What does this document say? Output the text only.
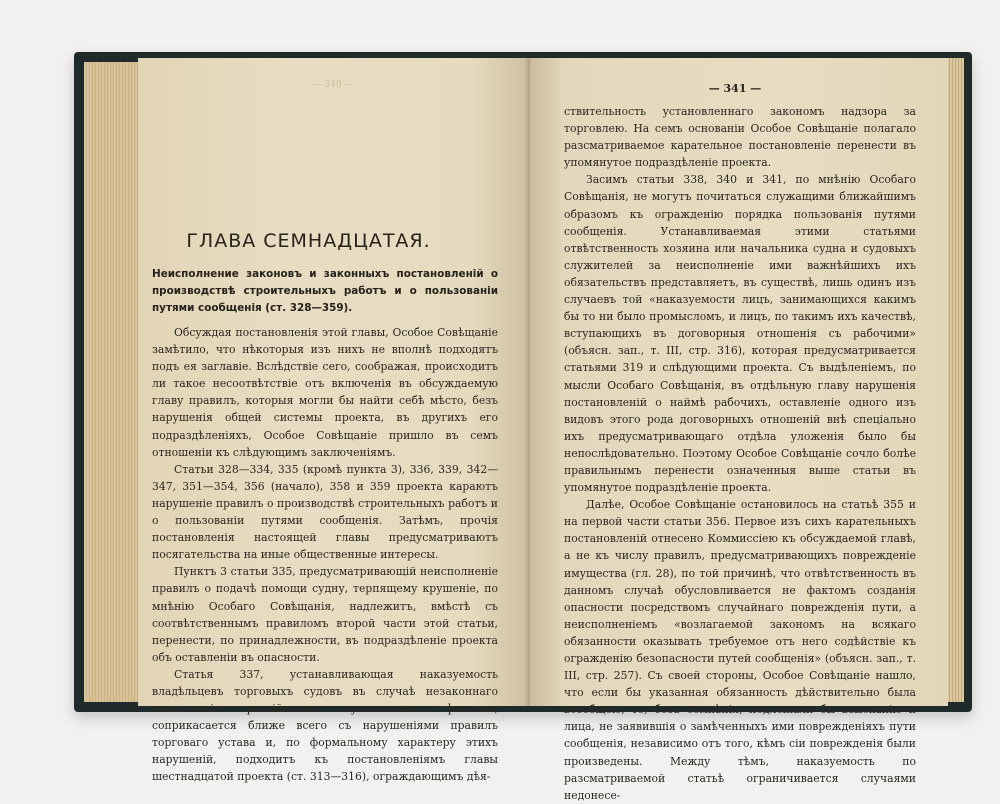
— 340 —
ГЛАВА СЕМНАДЦАТАЯ.
Неисполнение законовъ и законныхъ постановленій о производствѣ строительныхъ работъ и о пользованіи путями сообщенія (ст. 328—359).

Обсуждая постановленія этой главы, Особое Совѣщаніе замѣтило, что нѣкоторыя изъ нихъ не вполнѣ подходятъ подъ ея заглавіе. Вслѣдствіе сего, соображая, происходитъ ли такое несоотвѣтствіе отъ включенія въ обсуждаемую главу правилъ, которыя могли бы найти себѣ мѣсто, безъ нарушенія общей системы проекта, въ другихъ его подраздѣленіяхъ, Особое Совѣщаніе пришло въ семъ отношеніи къ слѣдующимъ заключеніямъ.

Статьи 328—334, 335 (кромѣ пункта 3), 336, 339, 342—347, 351—354, 356 (начало), 358 и 359 проекта караютъ нарушеніе правилъ о производствѣ строительныхъ работъ и о пользованіи путями сообщенія. Затѣмъ, прочія постановленія настоящей главы предусматриваютъ посягательства на иные общественные интересы.

Пунктъ 3 статьи 335, предусматривающій неисполненіе правилъ о подачѣ помощи судну, терпящему крушеніе, по мнѣнію Особаго Совѣщанія, надлежитъ, вмѣстѣ съ соотвѣтственнымъ правиломъ второй части этой статьи, перенести, по принадлежности, въ подраздѣленіе проекта объ оставленіи въ опасности.

Статья 337, устанавливающая наказуемость владѣльцевъ торговыхъ судовъ въ случаѣ незаконнаго пользованія россійскимъ купеческимъ флагомъ, соприкасается ближе всего съ нарушеніями правилъ торговаго устава и, по формальному характеру этихъ нарушеній, подходитъ къ постановленіямъ главы шестнадцатой проекта (ст. 313—316), ограждающимъ дѣя-

— 341 —

ствительность установленнаго закономъ надзора за торговлею. На семъ основаніи Особое Совѣщаніе полагало разсматриваемое карательное постановленіе перенести въ упомянутое подраздѣленіе проекта.

Засимъ статьи 338, 340 и 341, по мнѣнію Особаго Совѣщанія, не могутъ почитаться служащими ближайшимъ образомъ къ огражденію порядка пользованія путями сообщенія. Устанавливаемая этими статьями отвѣтственность хозяина или начальника судна и судовыхъ служителей за неисполненіе ими важнѣйшихъ ихъ обязательствъ представляетъ, въ существѣ, лишь одинъ изъ случаевъ той «наказуемости лицъ, занимающихся какимъ бы то ни было промысломъ, и лицъ, по такимъ ихъ качествѣ, вступающихъ въ договорныя отношенія съ рабочими» (объясн. зап., т. III, стр. 316), которая предусматривается статьями 319 и слѣдующими проекта. Съ выдѣленіемъ, по мысли Особаго Совѣщанія, въ отдѣльную главу нарушенія постановленій о наймѣ рабочихъ, оставленіе одного изъ видовъ этого рода договорныхъ отношеній внѣ спеціально ихъ предусматривающаго отдѣла уложенія было бы непослѣдовательно. Поэтому Особое Совѣщаніе сочло болѣе правильнымъ перенести означенныя выше статьи въ упомянутое подраздѣленіе проекта.

Далѣе, Особое Совѣщаніе остановилось на статьѣ 355 и на первой части статьи 356. Первое изъ сихъ карательныхъ постановленій отнесено Коммиссіею къ обсуждаемой главѣ, а не къ числу правилъ, предусматривающихъ поврежденіе имущества (гл. 28), по той причинѣ, что отвѣтственность въ данномъ случаѣ обусловливается не фактомъ созданія опасности посредствомъ случайнаго поврежденія пути, а неисполненіемъ «возлагаемой закономъ на всякаго обязанности оказывать требуемое отъ него содѣйствіе къ огражденію безопасности путей сообщенія» (объясн. зап., т. III, стр. 257). Съ своей стороны, Особое Совѣщаніе нашло, что если бы указанная обязанность дѣйствительно была всеобщею, то, безъ сомнѣнія, подлежали бы взысканію и лица, не заявившія о замѣченныхъ ими поврежденіяхъ пути сообщенія, независимо отъ того, кѣмъ сіи поврежденія были произведены. Между тѣмъ, наказуемость по разсматриваемой статьѣ ограничивается случаями недонесе-
